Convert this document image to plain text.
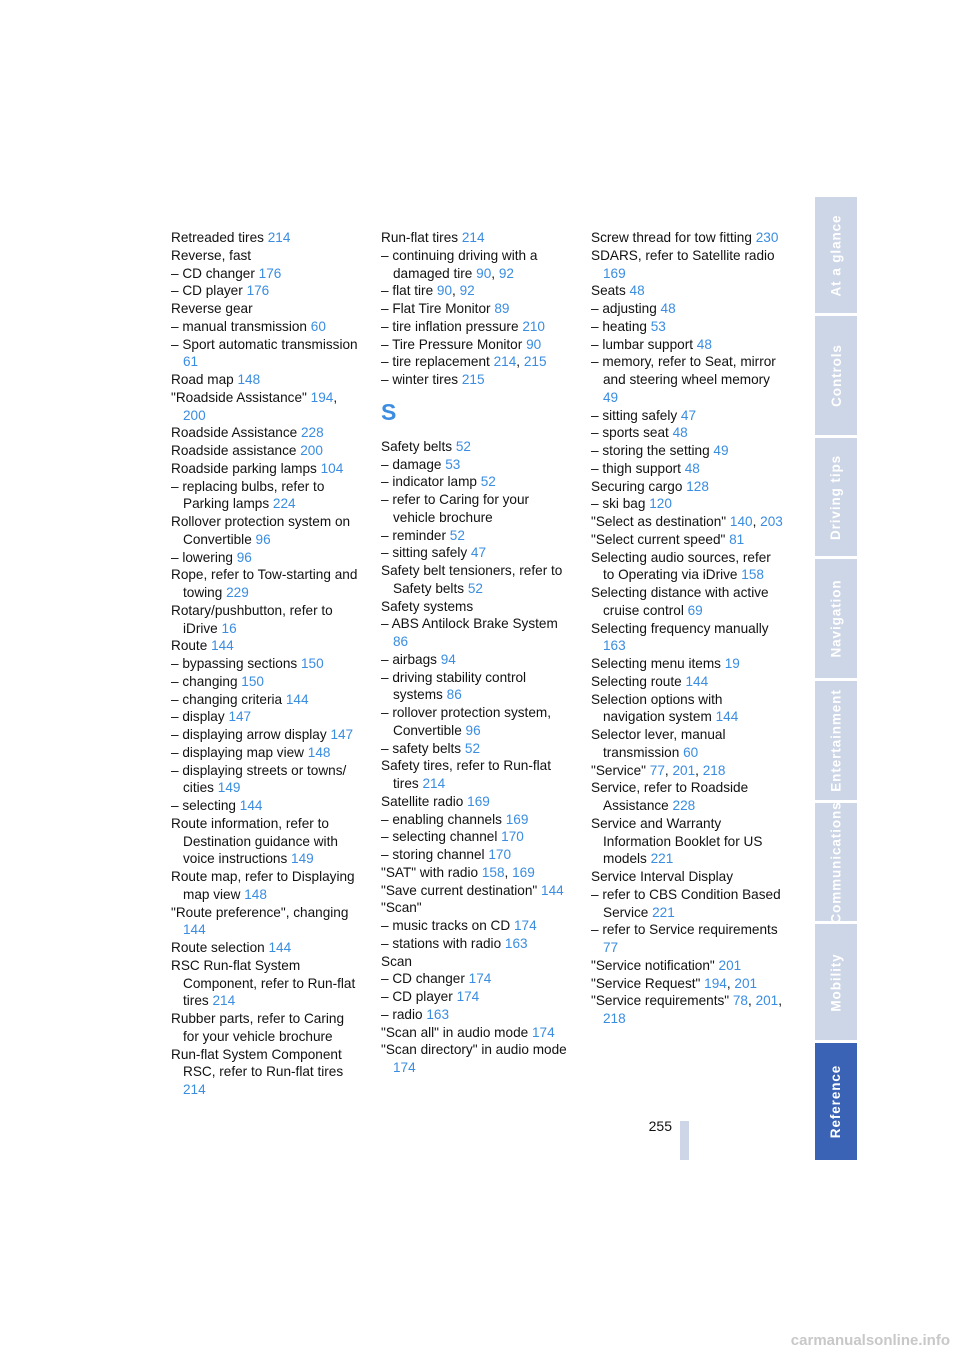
Retreaded tires 214
Reverse, fast
– CD changer 176
– CD player 176
Reverse gear
– manual transmission 60
– Sport automatic transmission 61
Road map 148
"Roadside Assistance" 194, 200
Roadside Assistance 228
Roadside assistance 200
Roadside parking lamps 104
– replacing bulbs, refer to Parking lamps 224
Rollover protection system on Convertible 96
– lowering 96
Rope, refer to Tow-starting and towing 229
Rotary/pushbutton, refer to iDrive 16
Route 144
– bypassing sections 150
– changing 150
– changing criteria 144
– display 147
– displaying arrow display 147
– displaying map view 148
– displaying streets or towns/ cities 149
– selecting 144
Route information, refer to Destination guidance with voice instructions 149
Route map, refer to Displaying map view 148
"Route preference", changing 144
Route selection 144
RSC Run-flat System Component, refer to Run-flat tires 214
Rubber parts, refer to Caring for your vehicle brochure
Run-flat System Component RSC, refer to Run-flat tires 214
Run-flat tires 214
– continuing driving with a damaged tire 90, 92
– flat tire 90, 92
– Flat Tire Monitor 89
– tire inflation pressure 210
– Tire Pressure Monitor 90
– tire replacement 214, 215
– winter tires 215
S
Safety belts 52
– damage 53
– indicator lamp 52
– refer to Caring for your vehicle brochure
– reminder 52
– sitting safely 47
Safety belt tensioners, refer to Safety belts 52
Safety systems
– ABS Antilock Brake System 86
– airbags 94
– driving stability control systems 86
– rollover protection system, Convertible 96
– safety belts 52
Safety tires, refer to Run-flat tires 214
Satellite radio 169
– enabling channels 169
– selecting channel 170
– storing channel 170
"SAT" with radio 158, 169
"Save current destination" 144
"Scan"
– music tracks on CD 174
– stations with radio 163
Scan
– CD changer 174
– CD player 174
– radio 163
"Scan all" in audio mode 174
"Scan directory" in audio mode 174
Screw thread for tow fitting 230
SDARS, refer to Satellite radio 169
Seats 48
– adjusting 48
– heating 53
– lumbar support 48
– memory, refer to Seat, mirror and steering wheel memory 49
– sitting safely 47
– sports seat 48
– storing the setting 49
– thigh support 48
Securing cargo 128
– ski bag 120
"Select as destination" 140, 203
"Select current speed" 81
Selecting audio sources, refer to Operating via iDrive 158
Selecting distance with active cruise control 69
Selecting frequency manually 163
Selecting menu items 19
Selecting route 144
Selection options with navigation system 144
Selector lever, manual transmission 60
"Service" 77, 201, 218
Service, refer to Roadside Assistance 228
Service and Warranty Information Booklet for US models 221
Service Interval Display
– refer to CBS Condition Based Service 221
– refer to Service requirements 77
"Service notification" 201
"Service Request" 194, 201
"Service requirements" 78, 201, 218
At a glance
Controls
Driving tips
Navigation
Entertainment
Communications
Mobility
Reference
255
carmanualsonline.info
